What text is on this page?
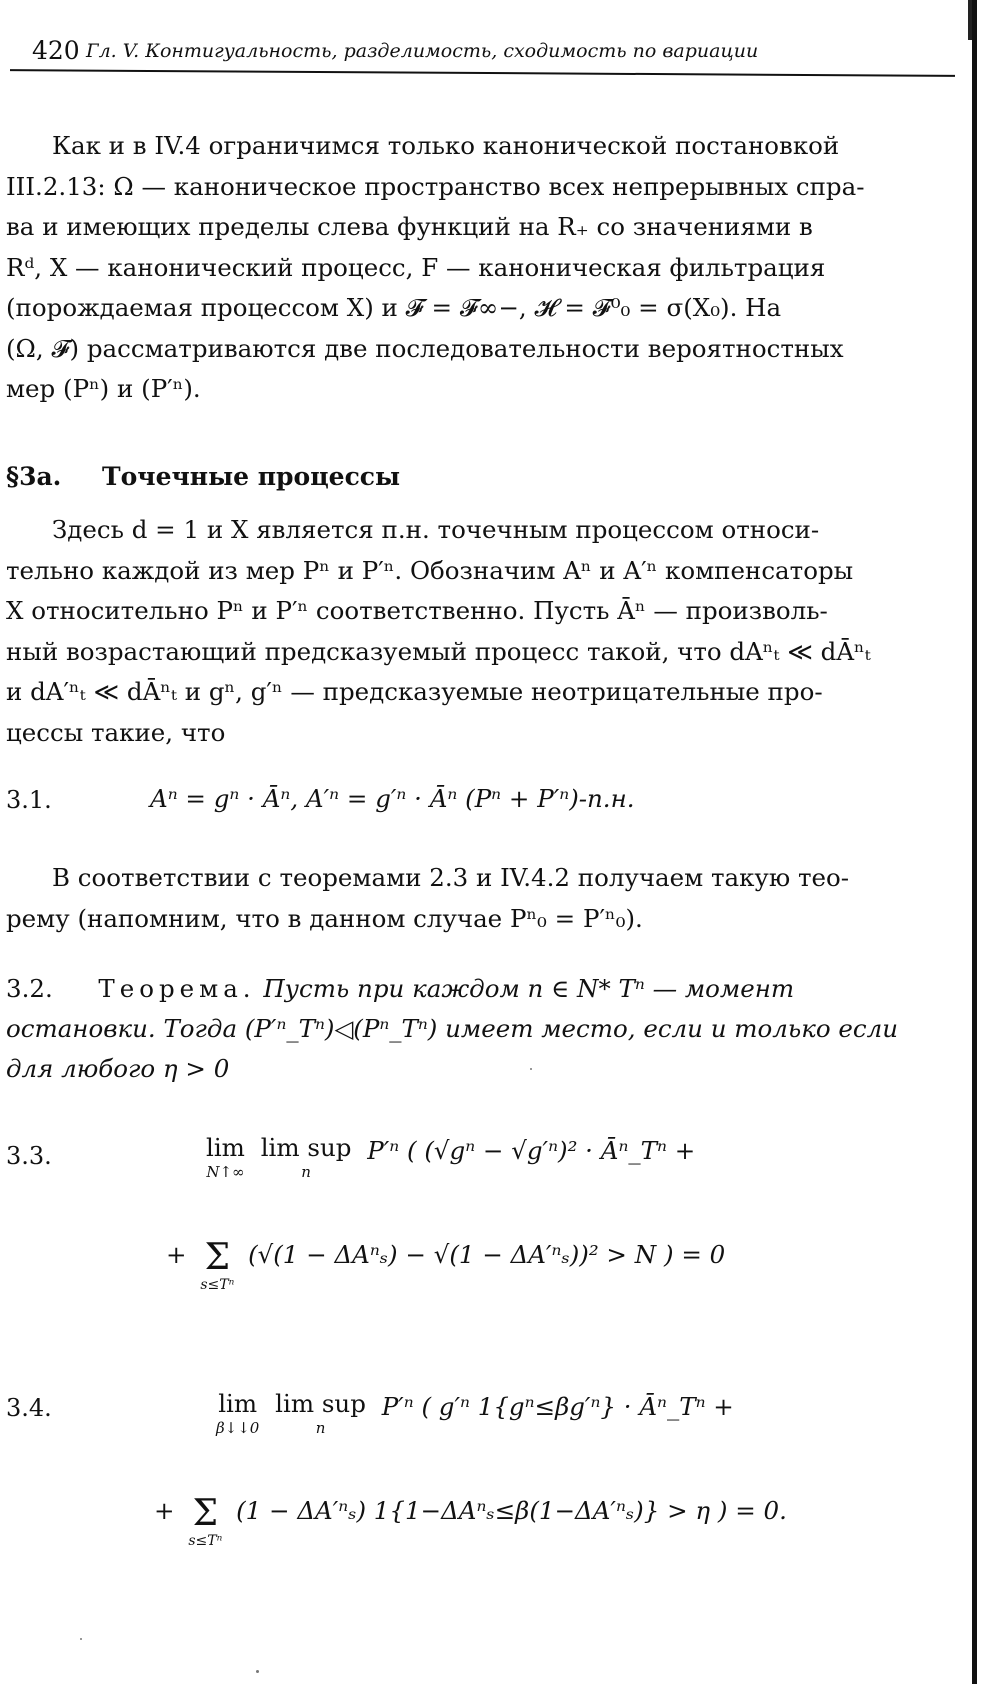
420 Гл. V. Контигуальность, разделимость, сходимость по вариации
Как и в IV.4 ограничимся только канонической постановкой
III.2.13: Ω — каноническое пространство всех непрерывных спра-
ва и имеющих пределы слева функций на R₊ со значениями в
Rᵈ, X — канонический процесс, F — каноническая фильтрация
(порождаемая процессом X) и 𝓕 = 𝓕∞−, 𝓗 = 𝓕⁰₀ = σ(X₀). На
(Ω, 𝓕) рассматриваются две последовательности вероятностных
мер (Pⁿ) и (P′ⁿ).
§3a. Точечные процессы
Здесь d = 1 и X является п.н. точечным процессом относи-
тельно каждой из мер Pⁿ и P′ⁿ. Обозначим Aⁿ и A′ⁿ компенсаторы
X относительно Pⁿ и P′ⁿ соответственно. Пусть Āⁿ — произволь-
ный возрастающий предсказуемый процесс такой, что dAⁿₜ ≪ dĀⁿₜ
и dA′ⁿₜ ≪ dĀⁿₜ и gⁿ, g′ⁿ — предсказуемые неотрицательные про-
цессы такие, что
3.1.	Aⁿ = gⁿ · Āⁿ, A′ⁿ = g′ⁿ · Āⁿ (Pⁿ + P′ⁿ)-п.н.
В соответствии с теоремами 2.3 и IV.4.2 получаем такую тео-
рему (напомним, что в данном случае Pⁿ₀ = P′ⁿ₀).
3.2. Теорема. Пусть при каждом n ∈ N* Tⁿ — момент
остановки. Тогда (P′ⁿ_Tⁿ)◁(Pⁿ_Tⁿ) имеет место, если и только если
для любого η > 0
3.3.	lim
N↑∞
lim sup
n
P′ⁿ ( (√gⁿ − √g′ⁿ)² · Āⁿ_Tⁿ +
+ Σ
s≤Tⁿ
(√(1 − ΔAⁿₛ) − √(1 − ΔA′ⁿₛ))² > N ) = 0
3.4.	lim
β↓↓0
lim sup
n
P′ⁿ ( g′ⁿ 1{gⁿ≤βg′ⁿ} · Āⁿ_Tⁿ +
+ Σ
s≤Tⁿ
(1 − ΔA′ⁿₛ) 1{1−ΔAⁿₛ≤β(1−ΔA′ⁿₛ)} > η ) = 0.
